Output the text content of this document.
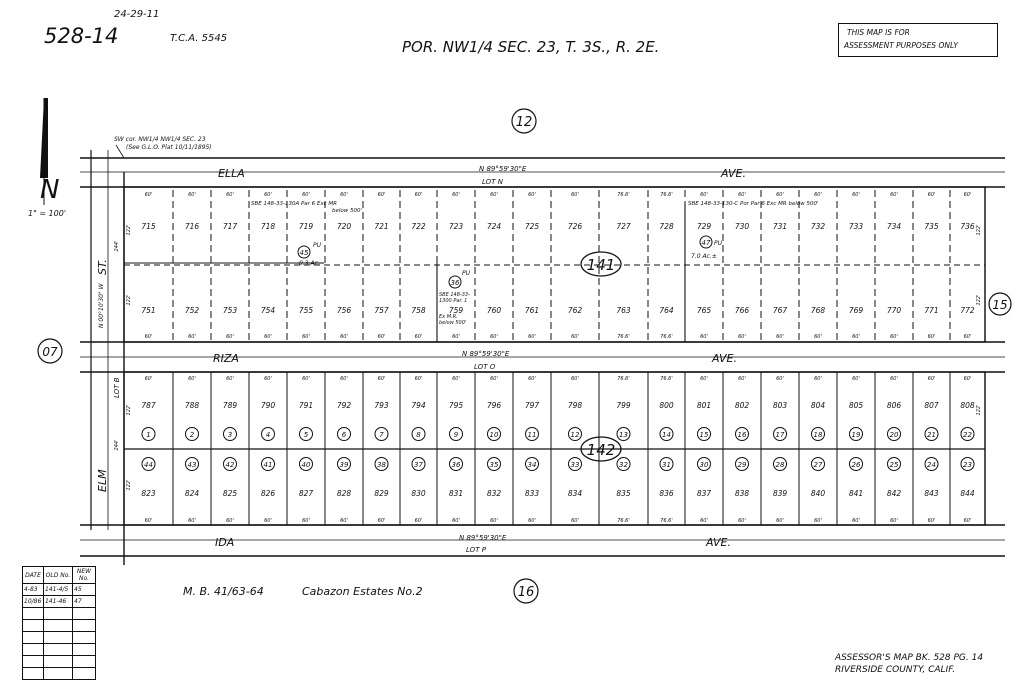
N
12
16
15
07
141
142
ELLA	AVE.
N 89°59'30"E
LOT N
RIZA	AVE.
N 89°59'30"E
LOT O
IDA	AVE.
N 89°59'30"E
LOT P
ST.
ELM
LOT B
N 00°10'30" W
715
751
787
823
1
44
60'
60'
60'
60'
716
752
788
824
2
43
60'
60'
60'
60'
717
753
789
825
3
42
60'
60'
60'
60'
718
754
790
826
4
41
60'
60'
60'
60'
719
755
791
827
5
40
60'
60'
60'
60'
720
756
792
828
6
39
60'
60'
60'
60'
721
757
793
829
7
38
60'
60'
60'
60'
722
758
794
830
8
37
60'
60'
60'
60'
723
759
795
831
9
36
60'
60'
60'
60'
724
760
796
832
10
35
60'
60'
60'
60'
725
761
797
833
11
34
60'
60'
60'
60'
726
762
798
834
12
33
60'
60'
60'
60'
727
763
799
835
13
32
76.6'
76.6'
76.6'
76.6'
728
764
800
836
14
31
76.6'
76.6'
76.6'
76.6'
729
765
801
837
15
30
60'
60'
60'
60'
730
766
802
838
16
29
60'
60'
60'
60'
731
767
803
839
17
28
60'
60'
60'
60'
732
768
804
840
18
27
60'
60'
60'
60'
733
769
805
841
19
26
60'
60'
60'
60'
734
770
806
842
20
25
60'
60'
60'
60'
735
771
807
843
21
24
60'
60'
60'
60'
736
772
808
844
22
23
60'
60'
60'
60'
122'
122'
122'
122'
122'
122'
122'
244'
244'
45
PU
0.3 Ac.
36
PU
SBE 148-33-
1300 Par. 1
Ex M.R.
below 500'
47 PU
7.0 Ac.±
SBE 148-33-130A Par 6 Exc MR
below 500'
SBE 148-33-130-C Por Par 6 Exc MR below 500'
SW cor. NW1/4 NW1/4 SEC. 23
(See G.L.O. Plat 10/11/1895)
24-29-11
528-14	T.C.A. 5545	POR. NW1/4 SEC. 23, T. 3S., R. 2E.
THIS MAP IS FOR
ASSESSMENT PURPOSES ONLY
1" = 100'
M. B. 41/63-64	Cabazon Estates No.2
ASSESSOR'S MAP BK. 528 PG. 14
RIVERSIDE COUNTY, CALIF.
DATE	OLD No.	NEW No.
4-83	141-4/5	45
10/86	141-46	47
